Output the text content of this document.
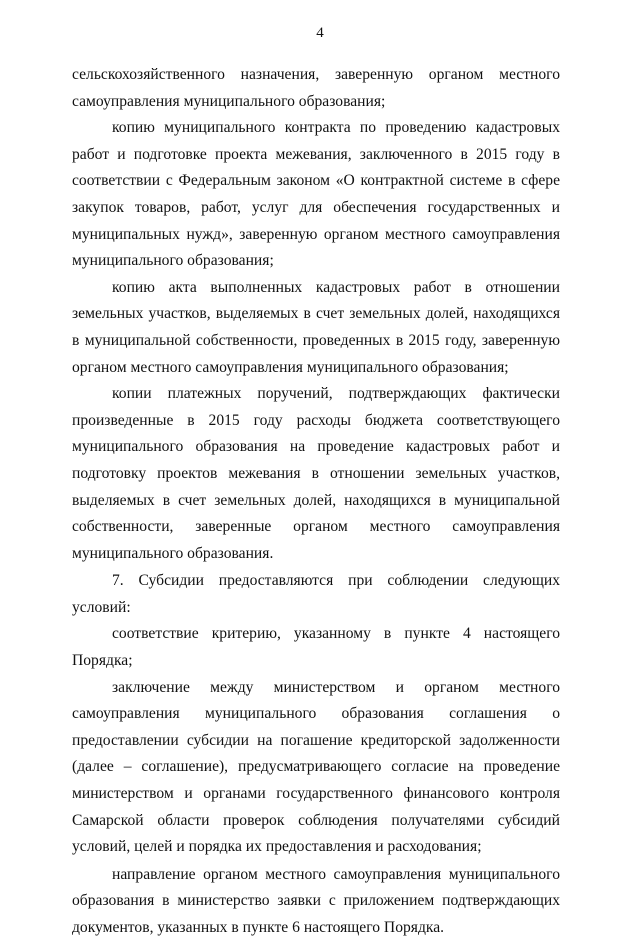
4

сельскохозяйственного назначения, заверенную органом местного самоуправления муниципального образования;

копию муниципального контракта по проведению кадастровых работ и подготовке проекта межевания, заключенного в 2015 году в соответствии с Федеральным законом «О контрактной системе в сфере закупок товаров, работ, услуг для обеспечения государственных и муниципальных нужд», заверенную органом местного самоуправления муниципального образования;

копию акта выполненных кадастровых работ в отношении земельных участков, выделяемых в счет земельных долей, находящихся в муниципальной собственности, проведенных в 2015 году, заверенную органом местного самоуправления муниципального образования;

копии платежных поручений, подтверждающих фактически произведенные в 2015 году расходы бюджета соответствующего муниципального образования на проведение кадастровых работ и подготовку проектов межевания в отношении земельных участков, выделяемых в счет земельных долей, находящихся в муниципальной собственности, заверенные органом местного самоуправления муниципального образования.

7. Субсидии предоставляются при соблюдении следующих условий:

соответствие критерию, указанному в пункте 4 настоящего Порядка;

заключение между министерством и органом местного самоуправления муниципального образования соглашения о предоставлении субсидии на погашение кредиторской задолженности (далее – соглашение), предусматривающего согласие на проведение министерством и органами государственного финансового контроля Самарской области проверок соблюдения получателями субсидий условий, целей и порядка их предоставления и расходования;

направление органом местного самоуправления муниципального образования в министерство заявки с приложением подтверждающих документов, указанных в пункте 6 настоящего Порядка.
